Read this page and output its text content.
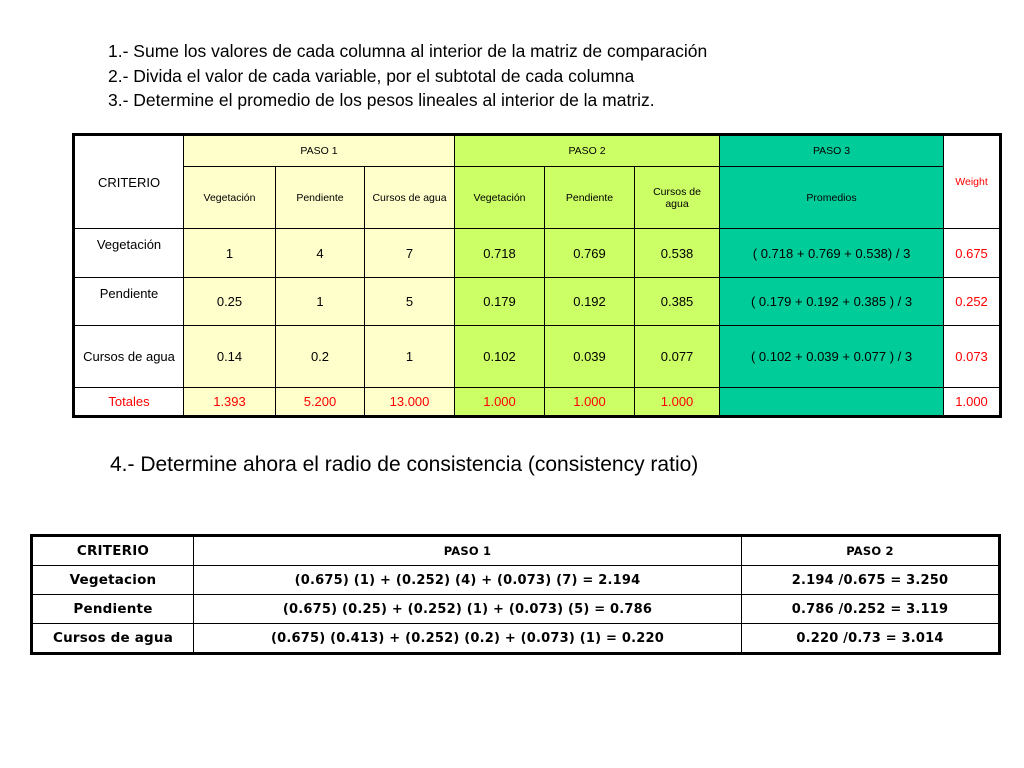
1.- Sume los valores de cada columna al interior de la matriz de comparación
2.- Divida el valor de cada variable, por el subtotal de cada columna
3.- Determine el promedio de los pesos lineales al interior de la matriz.
CRITERIO	PASO 1			PASO 2			PASO 3	Weight
	Vegetación	Pendiente	Cursos de agua	Vegetación	Pendiente	Cursos de agua	Promedios	
Vegetación	1	4	7	0.718	0.769	0.538	( 0.718 + 0.769 + 0.538) / 3	0.675
Pendiente	0.25	1	5	0.179	0.192	0.385	( 0.179 + 0.192 + 0.385 ) / 3	0.252
Cursos de agua	0.14	0.2	1	0.102	0.039	0.077	( 0.102 + 0.039 + 0.077 ) / 3	0.073
Totales	1.393	5.200	13.000	1.000	1.000	1.000		1.000
4.- Determine ahora el radio de consistencia (consistency ratio)
CRITERIO	PASO 1	PASO 2
Vegetacion	(0.675) (1) + (0.252) (4) + (0.073) (7) = 2.194	2.194 /0.675 = 3.250
Pendiente	(0.675) (0.25) + (0.252) (1) + (0.073) (5) = 0.786	0.786 /0.252 = 3.119
Cursos de agua	(0.675) (0.413) + (0.252) (0.2) + (0.073) (1) = 0.220	0.220 /0.73 = 3.014
